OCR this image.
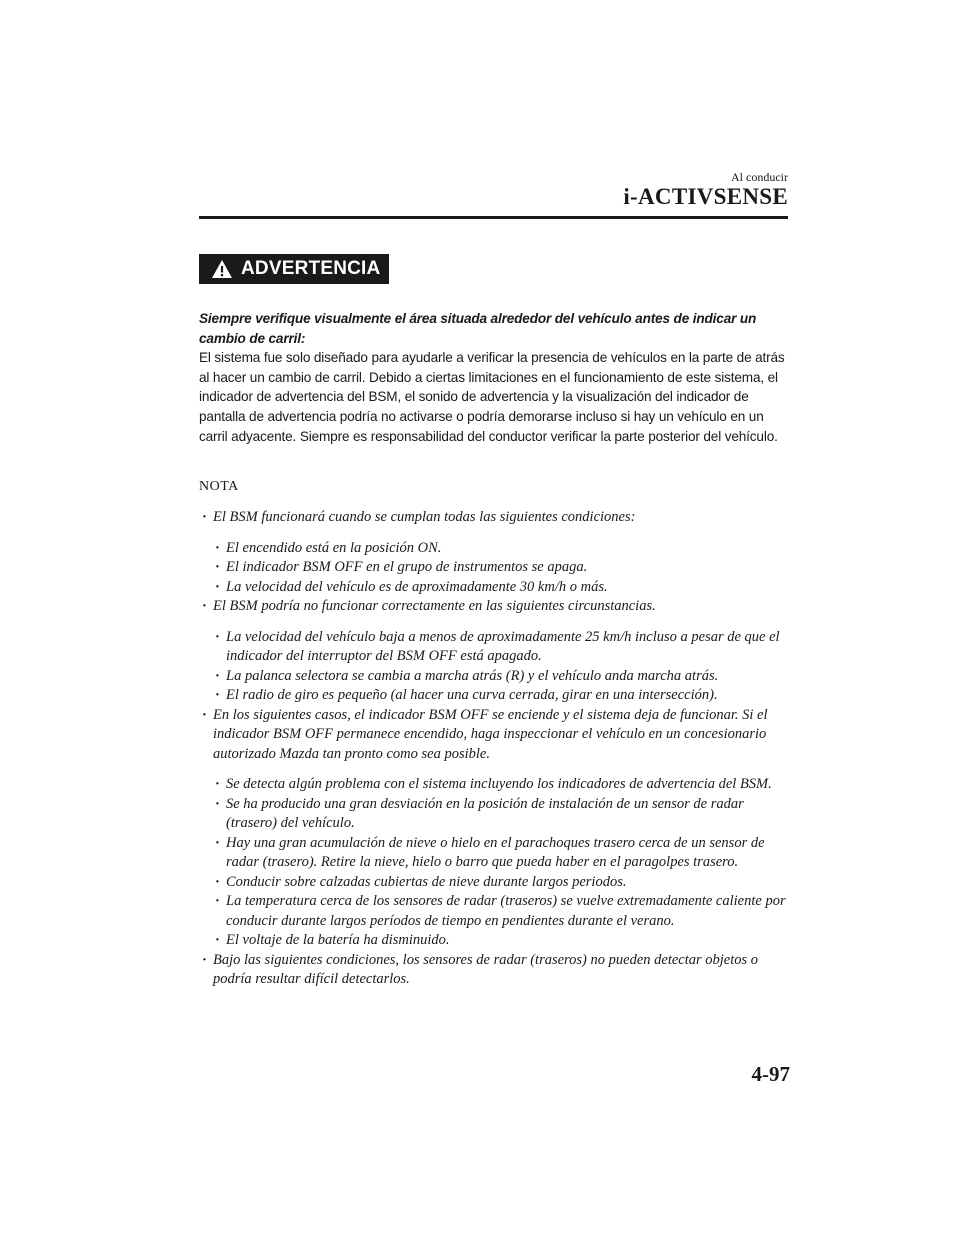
Al conducir
i-ACTIVSENSE
ADVERTENCIA

Siempre verifique visualmente el área situada alrededor del vehículo antes de indicar un cambio de carril:

El sistema fue solo diseñado para ayudarle a verificar la presencia de vehículos en la parte de atrás al hacer un cambio de carril. Debido a ciertas limitaciones en el funcionamiento de este sistema, el indicador de advertencia del BSM, el sonido de advertencia y la visualización del indicador de pantalla de advertencia podría no activarse o podría demorarse incluso si hay un vehículo en un carril adyacente. Siempre es responsabilidad del conductor verificar la parte posterior del vehículo.

NOTA

· El BSM funcionará cuando se cumplan todas las siguientes condiciones:

· El encendido está en la posición ON.

· El indicador BSM OFF en el grupo de instrumentos se apaga.

· La velocidad del vehículo es de aproximadamente 30 km/h o más.

· El BSM podría no funcionar correctamente en las siguientes circunstancias.

· La velocidad del vehículo baja a menos de aproximadamente 25 km/h incluso a pesar de que el indicador del interruptor del BSM OFF está apagado.

· La palanca selectora se cambia a marcha atrás (R) y el vehículo anda marcha atrás.

· El radio de giro es pequeño (al hacer una curva cerrada, girar en una intersección).

· En los siguientes casos, el indicador BSM OFF se enciende y el sistema deja de funcionar. Si el indicador BSM OFF permanece encendido, haga inspeccionar el vehículo en un concesionario autorizado Mazda tan pronto como sea posible.

· Se detecta algún problema con el sistema incluyendo los indicadores de advertencia del BSM.

· Se ha producido una gran desviación en la posición de instalación de un sensor de radar (trasero) del vehículo.

· Hay una gran acumulación de nieve o hielo en el parachoques trasero cerca de un sensor de radar (trasero). Retire la nieve, hielo o barro que pueda haber en el paragolpes trasero.

· Conducir sobre calzadas cubiertas de nieve durante largos periodos.

· La temperatura cerca de los sensores de radar (traseros) se vuelve extremadamente caliente por conducir durante largos períodos de tiempo en pendientes durante el verano.

· El voltaje de la batería ha disminuido.

· Bajo las siguientes condiciones, los sensores de radar (traseros) no pueden detectar objetos o podría resultar difícil detectarlos.

4-97
